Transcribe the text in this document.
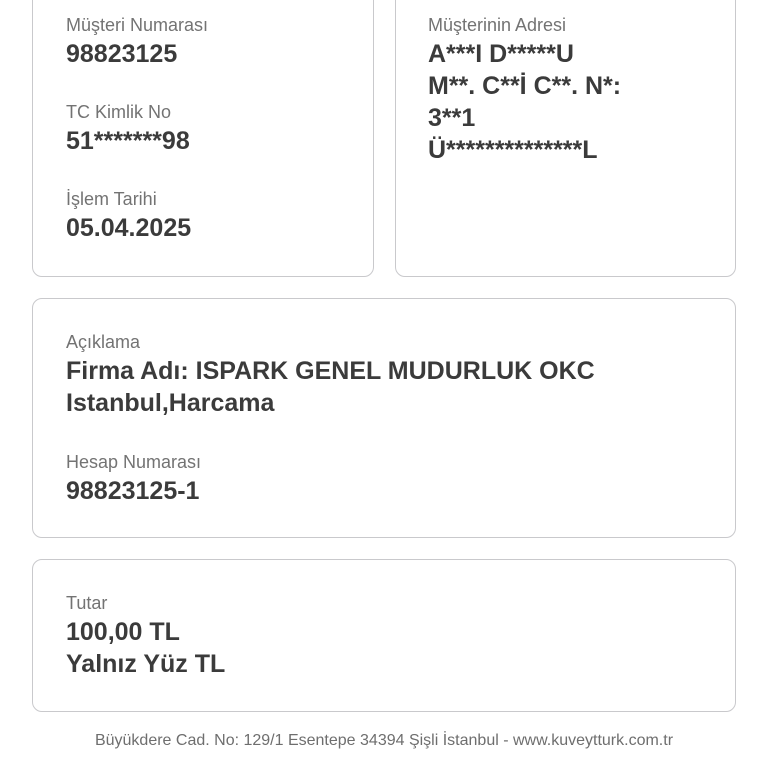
Müşteri Numarası
98823125
TC Kimlik No
51*******98
İşlem Tarihi
05.04.2025
Müşterinin Adresi
A***I D*****U
M**. C**İ C**. N*:
3**1
Ü**************L
Açıklama
Firma Adı: ISPARK GENEL MUDURLUK OKC
Istanbul,Harcama
Hesap Numarası
98823125-1
Tutar
100,00 TL
Yalnız Yüz TL
Büyükdere Cad. No: 129/1 Esentepe 34394 Şişli İstanbul - www.kuveytturk.com.tr
